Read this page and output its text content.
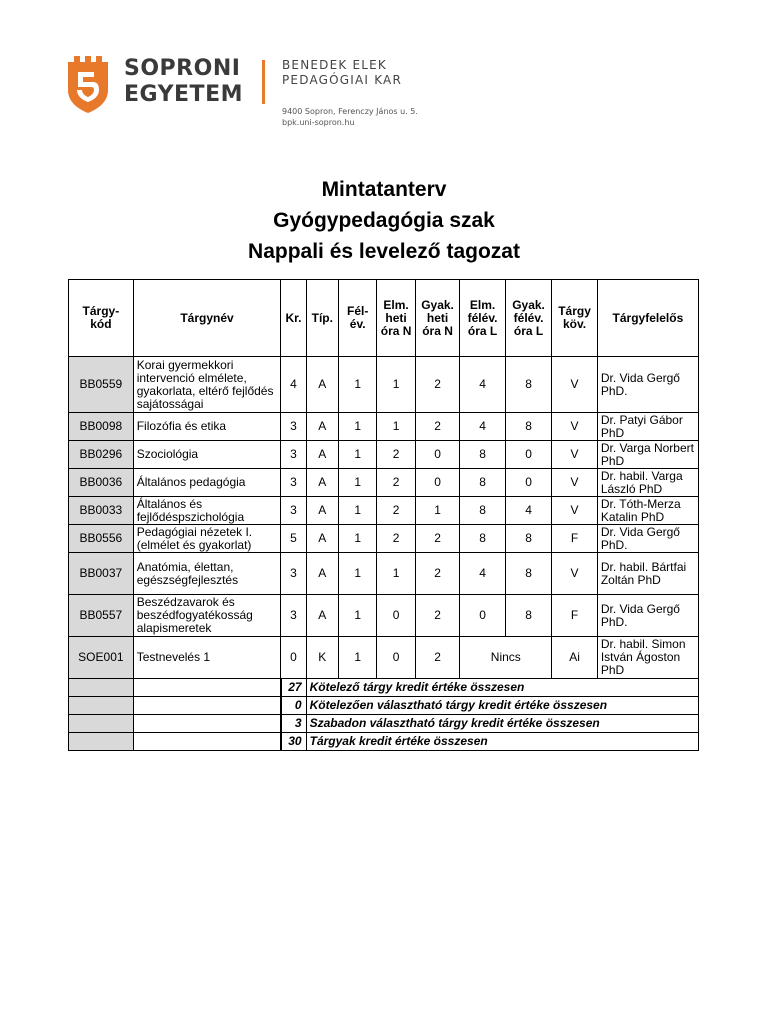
SOPRONI
EGYETEM
BENEDEK ELEK
PEDAGÓGIAI KAR
9400 Sopron, Ferenczy János u. 5.
bpk.uni-sopron.hu
Mintatanterv
Gyógypedagógia szak
Nappali és levelező tagozat
Tárgy-kód	Tárgynév	Kr.	Típ.	Fél-év.	Elm. heti óra N	Gyak. heti óra N	Elm. félév. óra L	Gyak. félév. óra L	Tárgy köv.	Tárgyfelelős
BB0559	Korai gyermekkori intervenció elmélete, gyakorlata, eltérő fejlődés sajátosságai	4	A	1	1	2	4	8	V	Dr. Vida Gergő PhD.
BB0098	Filozófia és etika	3	A	1	1	2	4	8	V	Dr. Patyi Gábor PhD
BB0296	Szociológia	3	A	1	2	0	8	0	V	Dr. Varga Norbert PhD
BB0036	Általános pedagógia	3	A	1	2	0	8	0	V	Dr. habil. Varga László PhD
BB0033	Általános és fejlődéspszichológia	3	A	1	2	1	8	4	V	Dr. Tóth-Merza Katalin PhD
BB0556	Pedagógiai nézetek I. (elmélet és gyakorlat)	5	A	1	2	2	8	8	F	Dr. Vida Gergő PhD.
BB0037	Anatómia, élettan, egészségfejlesztés	3	A	1	1	2	4	8	V	Dr. habil. Bártfai Zoltán PhD
BB0557	Beszédzavarok és beszédfogyatékosság alapismeretek	3	A	1	0	2	0	8	F	Dr. Vida Gergő PhD.
SOE001	Testnevelés 1	0	K	1	0	2	Nincs		Ai	Dr. habil. Simon István Ágoston PhD
		27	Kötelező tárgy kredit értéke összesen							
		0	Kötelezően választható tárgy kredit értéke összesen							
		3	Szabadon választható tárgy kredit értéke összesen							
		30	Tárgyak kredit értéke összesen							
